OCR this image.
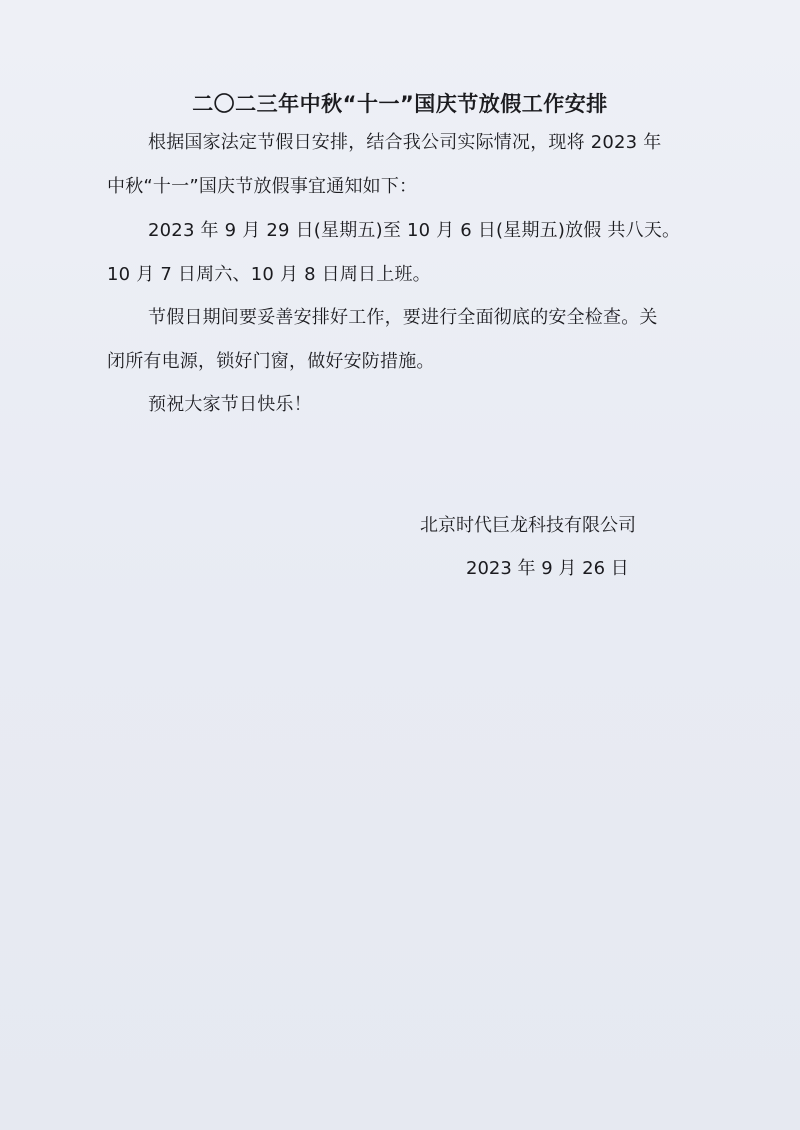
二〇二三年中秋“十一”国庆节放假工作安排
根据国家法定节假日安排，结合我公司实际情况，现将 2023 年
中秋“十一”国庆节放假事宜通知如下：
2023 年 9 月 29 日(星期五)至 10 月 6 日(星期五)放假 共八天。
10 月 7 日周六、10 月 8 日周日上班。
节假日期间要妥善安排好工作，要进行全面彻底的安全检查。关
闭所有电源，锁好门窗，做好安防措施。
预祝大家节日快乐！
北京时代巨龙科技有限公司
2023 年 9 月 26 日
